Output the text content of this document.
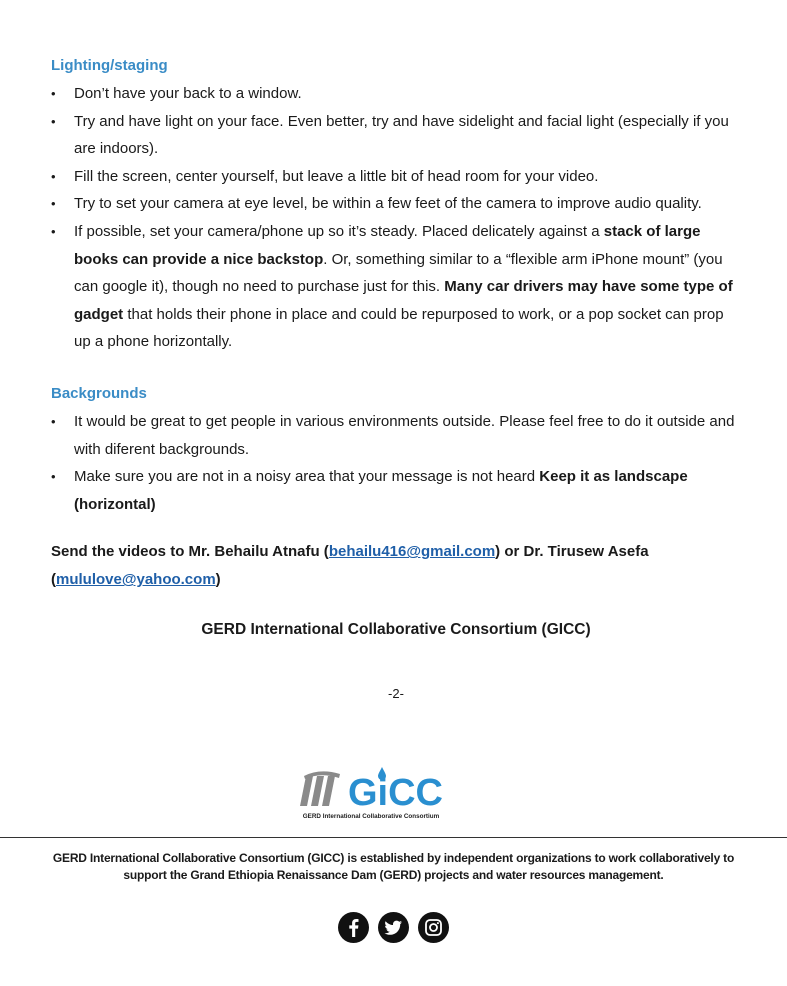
Lighting/staging
• Don’t have your back to a window.
• Try and have light on your face. Even better, try and have sidelight and facial light (especially if you are indoors).
• Fill the screen, center yourself, but leave a little bit of head room for your video.
• Try to set your camera at eye level, be within a few feet of the camera to improve audio quality.
• If possible, set your camera/phone up so it’s steady. Placed delicately against a stack of large books can provide a nice backstop. Or, something similar to a “flexible arm iPhone mount” (you can google it), though no need to purchase just for this. Many car drivers may have some type of gadget that holds their phone in place and could be repurposed to work, or a pop socket can prop up a phone horizontally.
Backgrounds
• It would be great to get people in various environments outside. Please feel free to do it outside and with diferent backgrounds.
• Make sure you are not in a noisy area that your message is not heard Keep it as landscape (horizontal)
Send the videos to Mr. Behailu Atnafu (behailu416@gmail.com) or Dr. Tirusew Asefa (mululove@yahoo.com)
GERD International Collaborative Consortium (GICC)
-2-
GiCC
GERD International Collaborative Consortium
GERD International Collaborative Consortium (GICC) is established by independent organizations to work collaboratively to support the Grand Ethiopia Renaissance Dam (GERD) projects and water resources management.
